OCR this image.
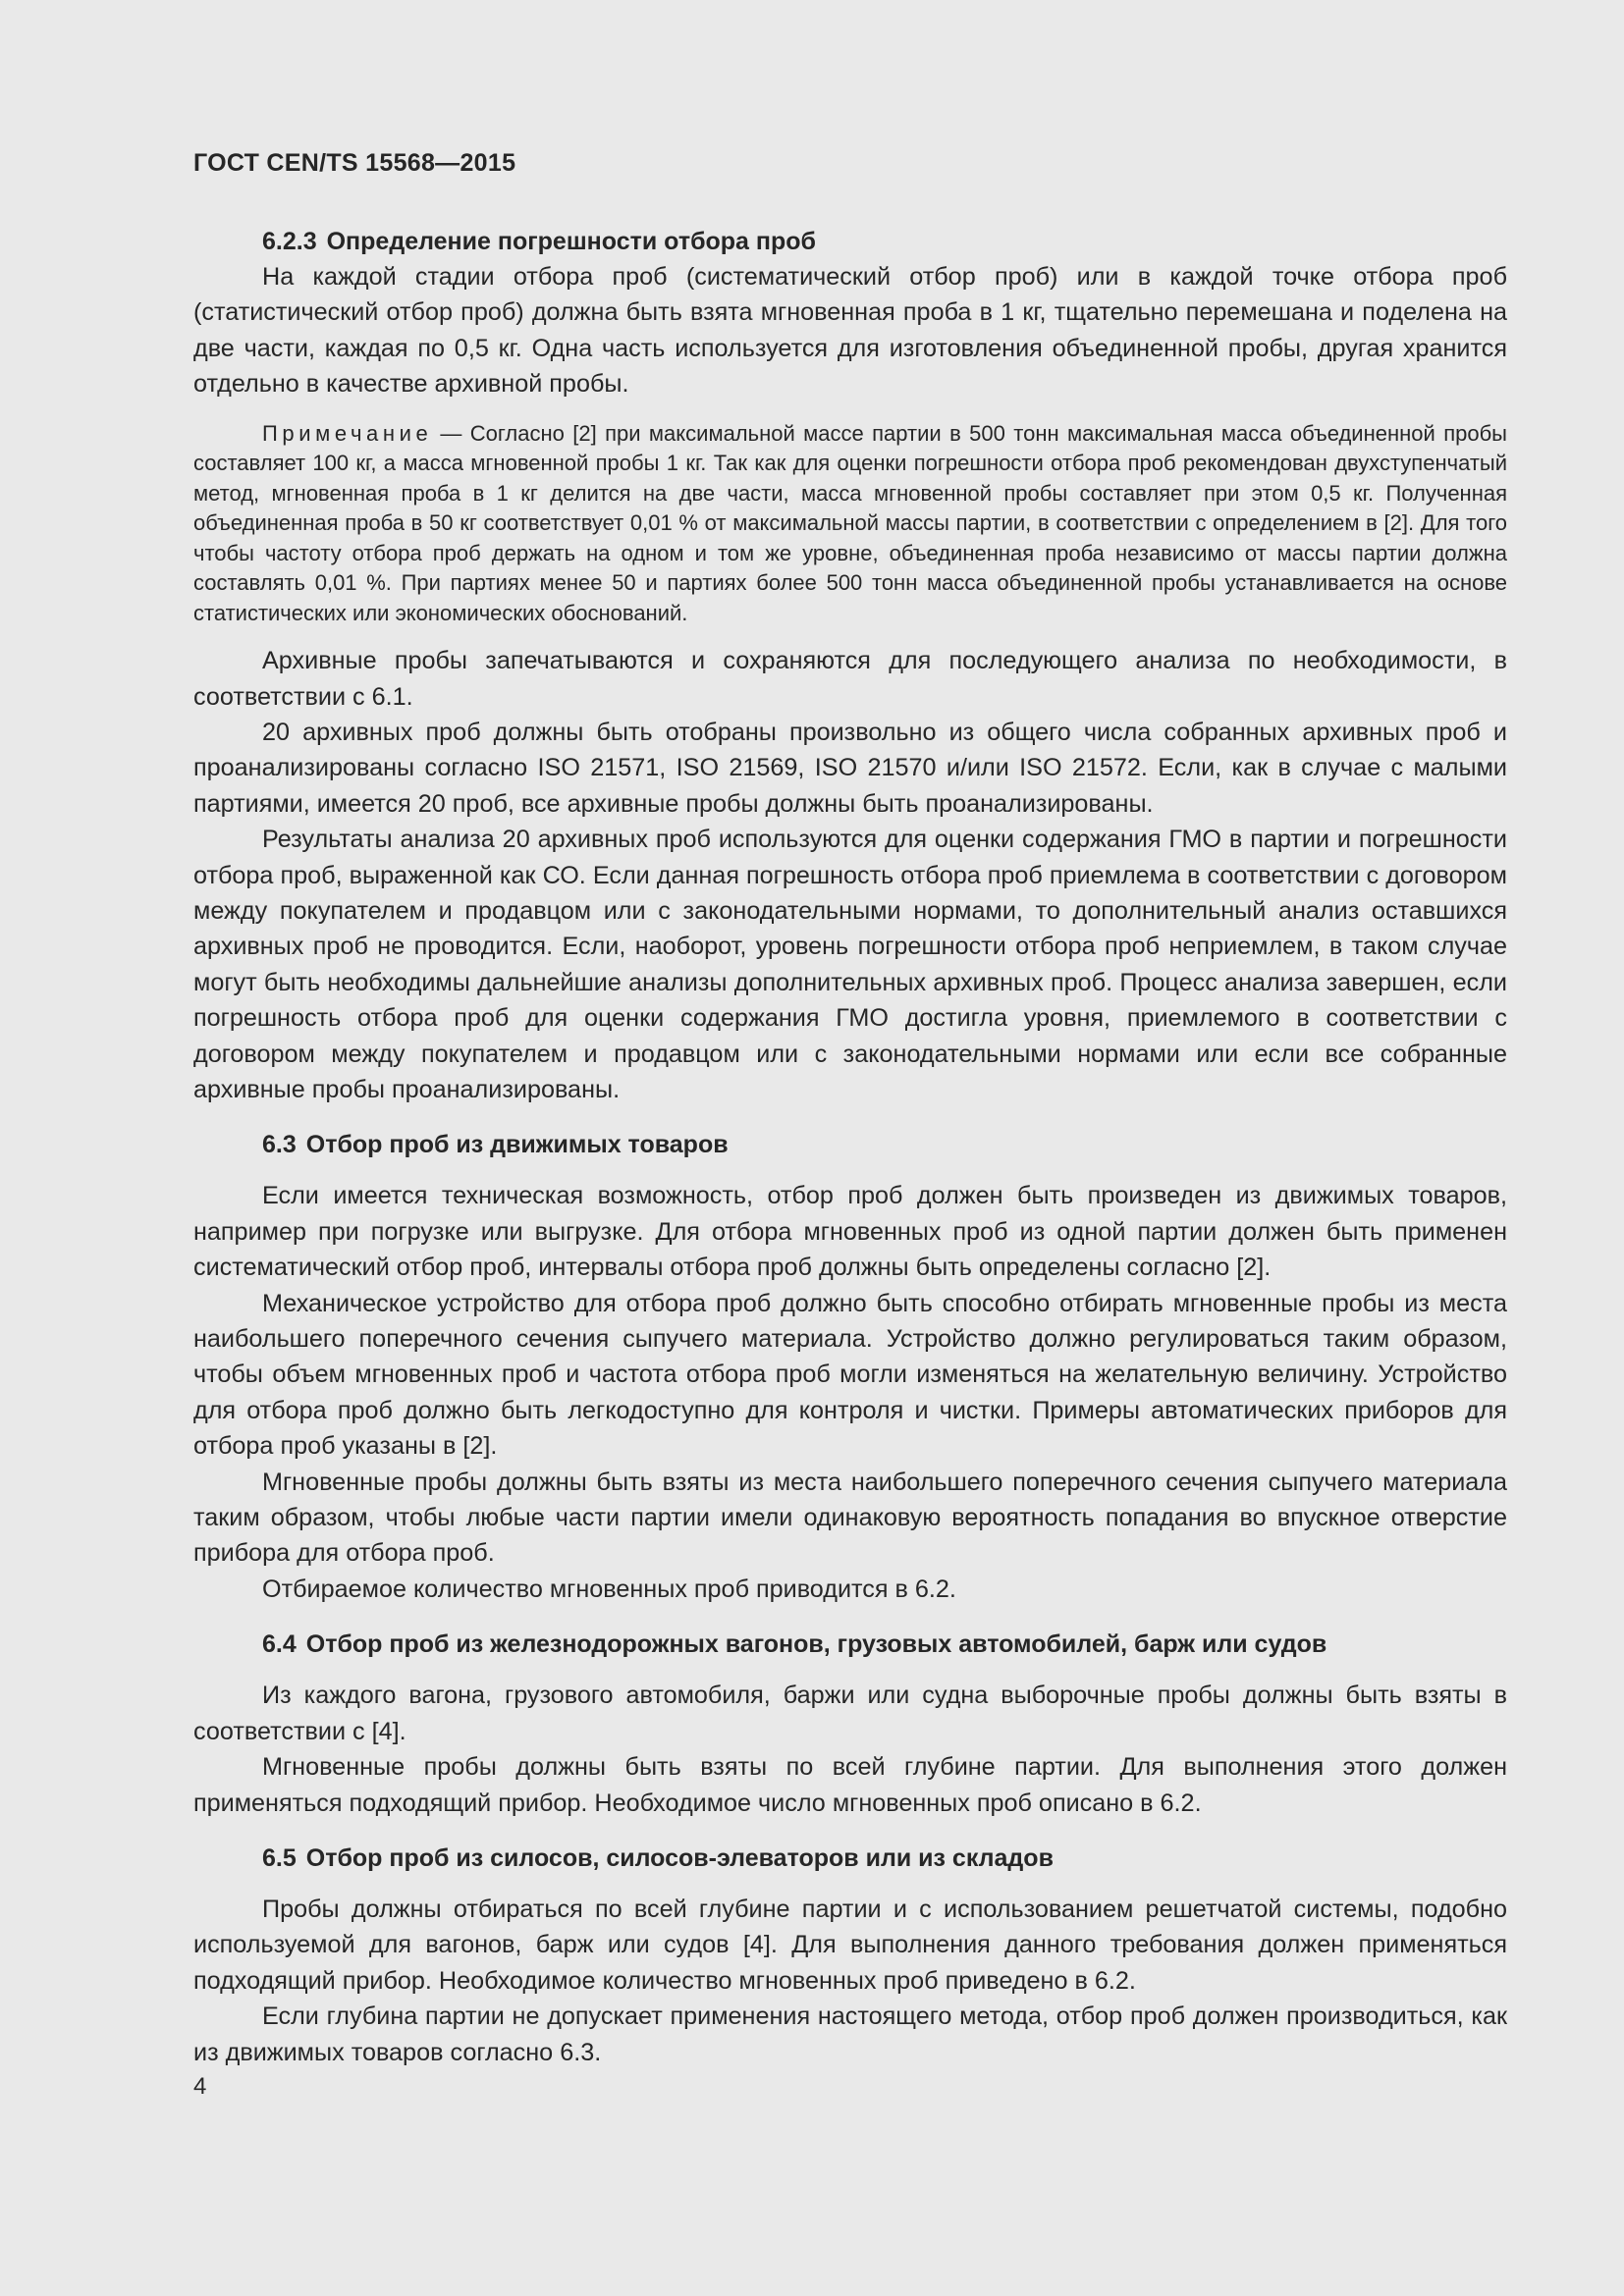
ГОСТ CEN/TS 15568—2015
6.2.3 Определение погрешности отбора проб

На каждой стадии отбора проб (систематический отбор проб) или в каждой точке отбора проб (статистический отбор проб) должна быть взята мгновенная проба в 1 кг, тщательно перемешана и поделена на две части, каждая по 0,5 кг. Одна часть используется для изготовления объединенной пробы, другая хранится отдельно в качестве архивной пробы.

Примечание — Согласно [2] при максимальной массе партии в 500 тонн максимальная масса объединенной пробы составляет 100 кг, а масса мгновенной пробы 1 кг. Так как для оценки погрешности отбора проб рекомендован двухступенчатый метод, мгновенная проба в 1 кг делится на две части, масса мгновенной пробы составляет при этом 0,5 кг. Полученная объединенная проба в 50 кг соответствует 0,01 % от максимальной массы партии, в соответствии с определением в [2]. Для того чтобы частоту отбора проб держать на одном и том же уровне, объединенная проба независимо от массы партии должна составлять 0,01 %. При партиях менее 50 и партиях более 500 тонн масса объединенной пробы устанавливается на основе статистических или экономических обоснований.

Архивные пробы запечатываются и сохраняются для последующего анализа по необходимости, в соответствии с 6.1.

20 архивных проб должны быть отобраны произвольно из общего числа собранных архивных проб и проанализированы согласно ISO 21571, ISO 21569, ISO 21570 и/или ISO 21572. Если, как в случае с малыми партиями, имеется 20 проб, все архивные пробы должны быть проанализированы.

Результаты анализа 20 архивных проб используются для оценки содержания ГМО в партии и погрешности отбора проб, выраженной как СО. Если данная погрешность отбора проб приемлема в соответствии с договором между покупателем и продавцом или с законодательными нормами, то дополнительный анализ оставшихся архивных проб не проводится. Если, наоборот, уровень погрешности отбора проб неприемлем, в таком случае могут быть необходимы дальнейшие анализы дополнительных архивных проб. Процесс анализа завершен, если погрешность отбора проб для оценки содержания ГМО достигла уровня, приемлемого в соответствии с договором между покупателем и продавцом или с законодательными нормами или если все собранные архивные пробы проанализированы.

6.3 Отбор проб из движимых товаров

Если имеется техническая возможность, отбор проб должен быть произведен из движимых товаров, например при погрузке или выгрузке. Для отбора мгновенных проб из одной партии должен быть применен систематический отбор проб, интервалы отбора проб должны быть определены согласно [2].

Механическое устройство для отбора проб должно быть способно отбирать мгновенные пробы из места наибольшего поперечного сечения сыпучего материала. Устройство должно регулироваться таким образом, чтобы объем мгновенных проб и частота отбора проб могли изменяться на желательную величину. Устройство для отбора проб должно быть легкодоступно для контроля и чистки. Примеры автоматических приборов для отбора проб указаны в [2].

Мгновенные пробы должны быть взяты из места наибольшего поперечного сечения сыпучего материала таким образом, чтобы любые части партии имели одинаковую вероятность попадания во впускное отверстие прибора для отбора проб.

Отбираемое количество мгновенных проб приводится в 6.2.

6.4 Отбор проб из железнодорожных вагонов, грузовых автомобилей, барж или судов

Из каждого вагона, грузового автомобиля, баржи или судна выборочные пробы должны быть взяты в соответствии с [4].

Мгновенные пробы должны быть взяты по всей глубине партии. Для выполнения этого должен применяться подходящий прибор. Необходимое число мгновенных проб описано в 6.2.

6.5 Отбор проб из силосов, силосов-элеваторов или из складов

Пробы должны отбираться по всей глубине партии и с использованием решетчатой системы, подобно используемой для вагонов, барж или судов [4]. Для выполнения данного требования должен применяться подходящий прибор. Необходимое количество мгновенных проб приведено в 6.2.

Если глубина партии не допускает применения настоящего метода, отбор проб должен производиться, как из движимых товаров согласно 6.3.

4
